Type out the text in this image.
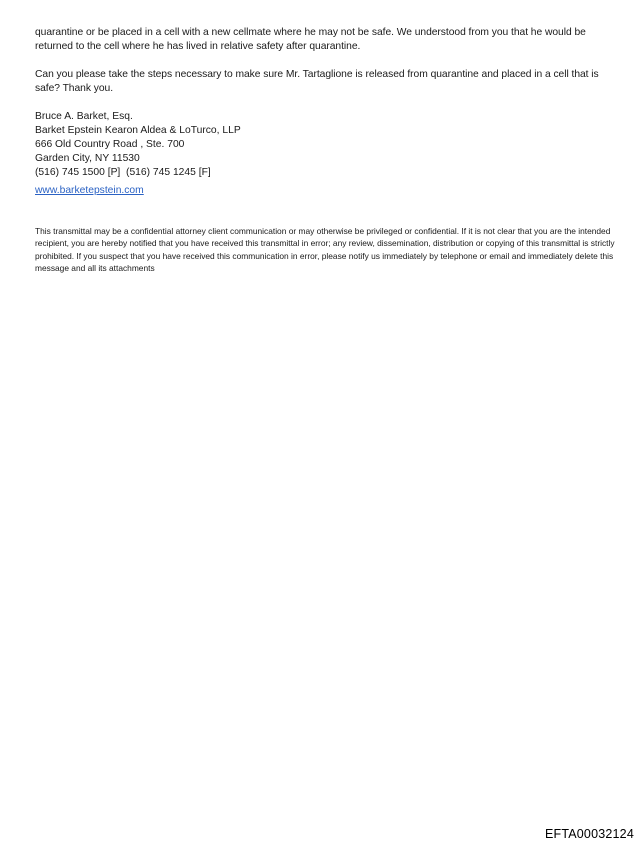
quarantine or be placed in a cell with a new cellmate where he may not be safe. We understood from you that he would be returned to the cell where he has lived in relative safety after quarantine.

Can you please take the steps necessary to make sure Mr. Tartaglione is released from quarantine and placed in a cell that is safe? Thank you.

Bruce A. Barket, Esq.

Barket Epstein Kearon Aldea & LoTurco, LLP

666 Old Country Road , Ste. 700

Garden City, NY 11530

(516) 745 1500 [P]  (516) 745 1245 [F]

www.barketepstein.com

This transmittal may be a confidential attorney client communication or may otherwise be privileged or confidential. If it is not clear that you are the intended recipient, you are hereby notified that you have received this transmittal in error; any review, dissemination, distribution or copying of this transmittal is strictly prohibited. If you suspect that you have received this communication in error, please notify us immediately by telephone or email and immediately delete this message and all its attachments

EFTA00032124
